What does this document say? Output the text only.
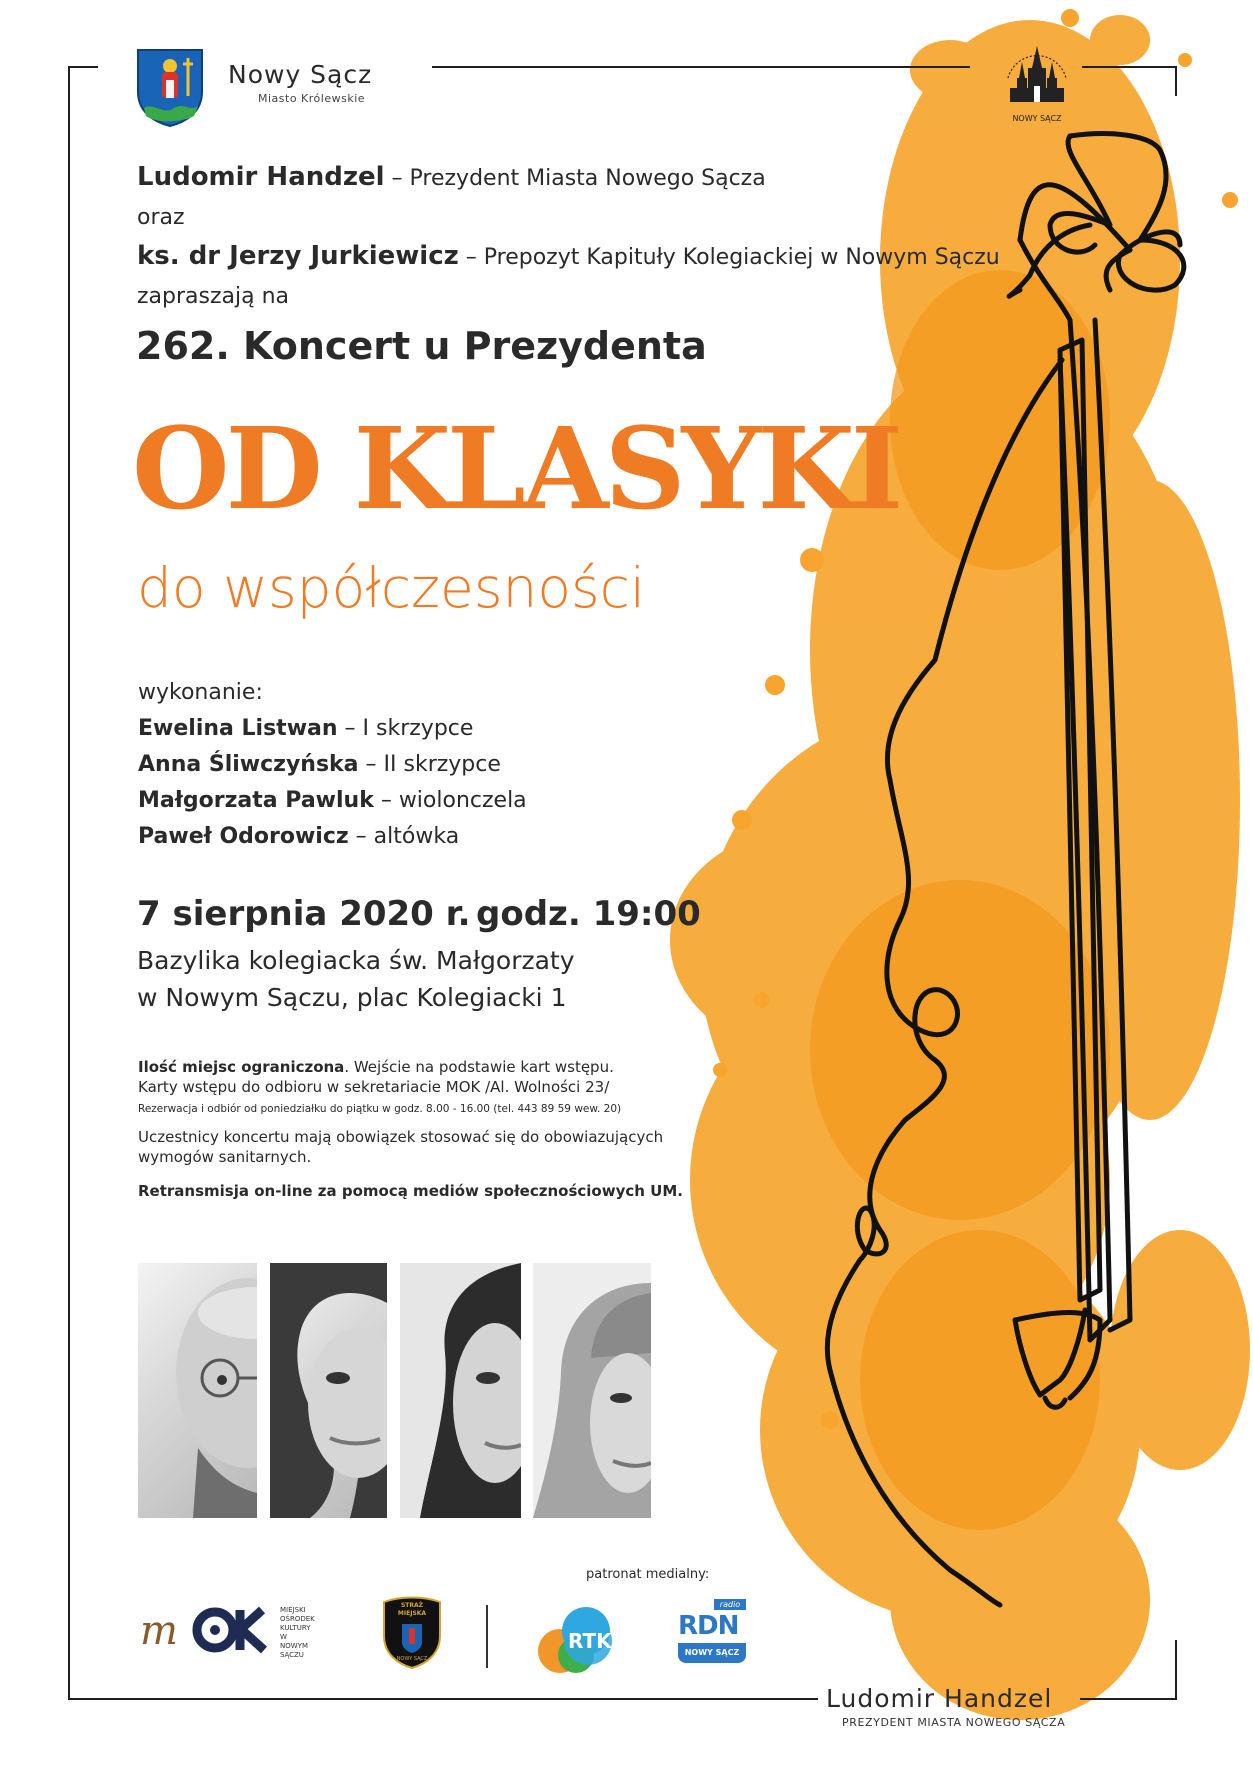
Nowy Sącz
Miasto Królewskie
NOWY SĄCZ
Ludomir Handzel – Prezydent Miasta Nowego Sącza
oraz
ks. dr Jerzy Jurkiewicz – Prepozyt Kapituły Kolegiackiej w Nowym Sączu
zapraszają na
262. Koncert u Prezydenta
OD KLASYKI
do współczesności
wykonanie:
Ewelina Listwan – I skrzypce
Anna Śliwczyńska – II skrzypce
Małgorzata Pawluk – wiolonczela
Paweł Odorowicz – altówka
7 sierpnia 2020 r. godz. 19:00
Bazylika kolegiacka św. Małgorzaty
w Nowym Sączu, plac Kolegiacki 1
Ilość miejsc ograniczona. Wejście na podstawie kart wstępu.
Karty wstępu do odbioru w sekretariacie MOK /Al. Wolności 23/
Rezerwacja i odbiór od poniedziałku do piątku w godz. 8.00 - 16.00 (tel. 443 89 59 wew. 20)
Uczestnicy koncertu mają obowiązek stosować się do obowiazujących
wymogów sanitarnych.
Retransmisja on-line za pomocą mediów społecznościowych UM.
patronat medialny:
m	MIEJSKI
OŚRODEK
KULTURY
W NOWYM
SĄCZU
STRAŻ
MIEJSKA
NOWY SĄCZ
RTK
radio
RDN
NOWY SĄCZ
Ludomir Handzel
PREZYDENT MIASTA NOWEGO SĄCZA
